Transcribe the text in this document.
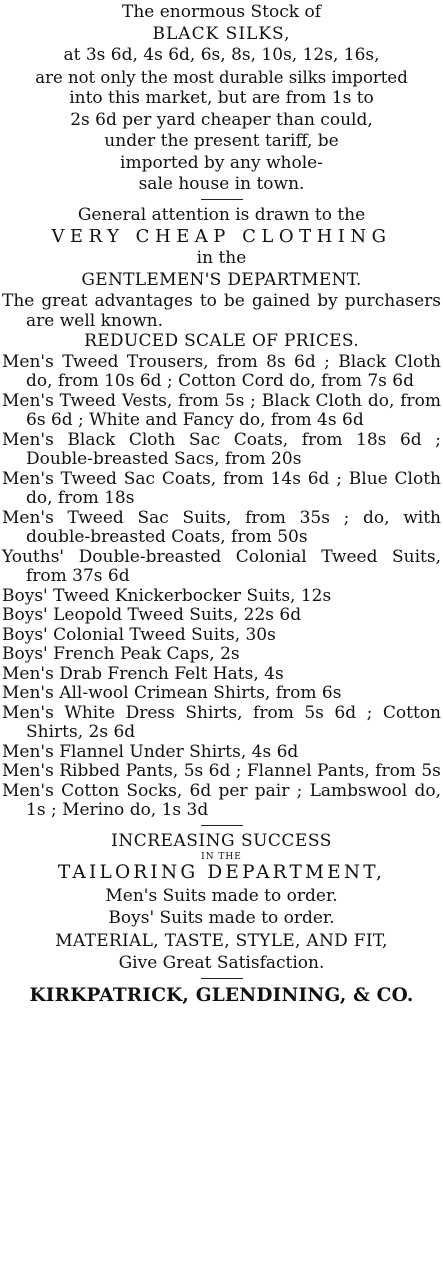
The enormous Stock of
BLACK SILKS,
at 3s 6d, 4s 6d, 6s, 8s, 10s, 12s, 16s,
are not only the most durable silks imported
into this market, but are from 1s to
2s 6d per yard cheaper than could,
under the present tariff, be
imported by any whole-
sale house in town.
General attention is drawn to the
VERY CHEAP CLOTHING
in the
GENTLEMEN'S DEPARTMENT.

The great advantages to be gained by purchasers are well known.

REDUCED SCALE OF PRICES.
Men's Tweed Trousers, from 8s 6d ; Black Cloth do, from 10s 6d ; Cotton Cord do, from 7s 6d
Men's Tweed Vests, from 5s ; Black Cloth do, from 6s 6d ; White and Fancy do, from 4s 6d
Men's Black Cloth Sac Coats, from 18s 6d ; Double-breasted Sacs, from 20s
Men's Tweed Sac Coats, from 14s 6d ; Blue Cloth do, from 18s
Men's Tweed Sac Suits, from 35s ; do, with double-breasted Coats, from 50s
Youths' Double-breasted Colonial Tweed Suits, from 37s 6d
Boys' Tweed Knickerbocker Suits, 12s
Boys' Leopold Tweed Suits, 22s 6d
Boys' Colonial Tweed Suits, 30s
Boys' French Peak Caps, 2s
Men's Drab French Felt Hats, 4s
Men's All-wool Crimean Shirts, from 6s
Men's White Dress Shirts, from 5s 6d ; Cotton Shirts, 2s 6d
Men's Flannel Under Shirts, 4s 6d
Men's Ribbed Pants, 5s 6d ; Flannel Pants, from 5s
Men's Cotton Socks, 6d per pair ; Lambswool do, 1s ; Merino do, 1s 3d
INCREASING SUCCESS
IN THE
TAILORING DEPARTMENT,
Men's Suits made to order.
Boys' Suits made to order.
MATERIAL, TASTE, STYLE, AND FIT,
Give Great Satisfaction.
KIRKPATRICK, GLENDINING, & CO.
